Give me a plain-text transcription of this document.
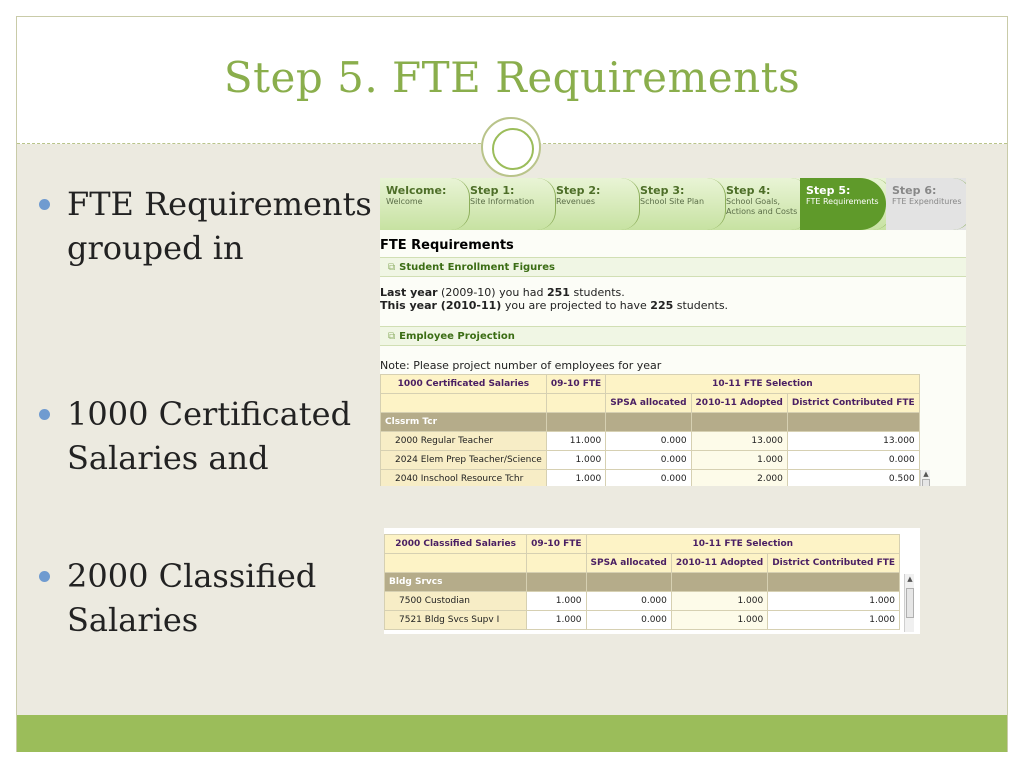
Step 5. FTE Requirements
FTE Requirements grouped in
1000 Certificated Salaries and
2000 Classified Salaries
Welcome:
Welcome
Step 1:
Site Information
Step 2:
Revenues
Step 3:
School Site Plan
Step 4:
School Goals, Actions and Costs
Step 5:
FTE Requirements
Step 6:
FTE Expenditures
FTE Requirements
⧉ Student Enrollment Figures
Last year (2009-10) you had 251 students.
This year (2010-11) you are projected to have 225 students.
⧉ Employee Projection
Note: Please project number of employees for year
1000 Certificated Salaries	09-10 FTE	10-11 FTE Selection		
		SPSA allocated	2010-11 Adopted	District Contributed FTE
Clssrm Tcr				
2000 Regular Teacher	11.000	0.000	13.000	13.000
2024 Elem Prep Teacher/Science	1.000	0.000	1.000	0.000
2040 Inschool Resource Tchr	1.000	0.000	2.000	0.500 ▲
2000 Classified Salaries	09-10 FTE	10-11 FTE Selection		
		SPSA allocated	2010-11 Adopted	District Contributed FTE
Bldg Srvcs				
7500 Custodian	1.000	0.000	1.000	1.000
7521 Bldg Svcs Supv I	1.000	0.000	1.000	1.000
▲
